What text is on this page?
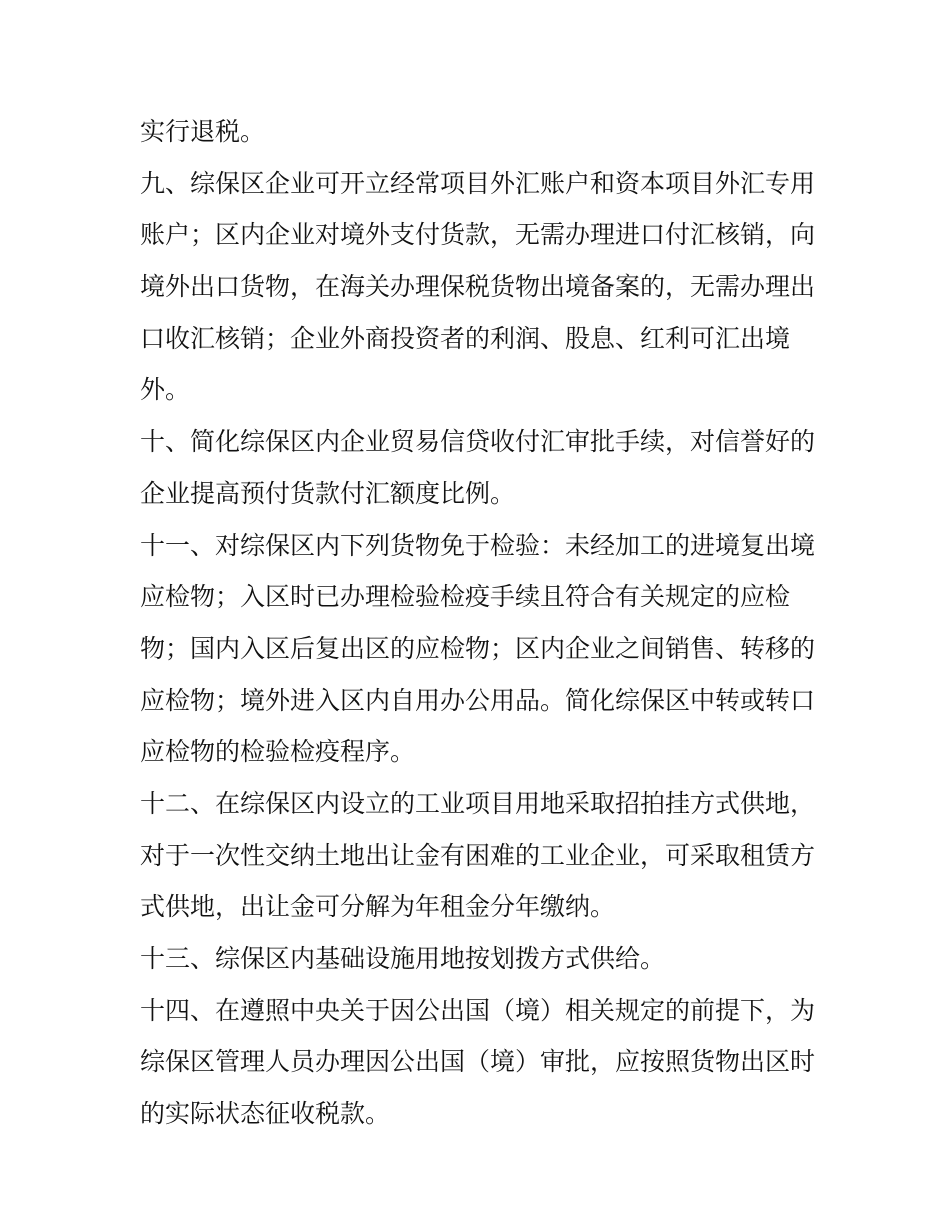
实行退税。
九、综保区企业可开立经常项目外汇账户和资本项目外汇专用
账户；区内企业对境外支付货款，无需办理进口付汇核销，向
境外出口货物，在海关办理保税货物出境备案的，无需办理出
口收汇核销；企业外商投资者的利润、股息、红利可汇出境
外。
十、简化综保区内企业贸易信贷收付汇审批手续，对信誉好的
企业提高预付货款付汇额度比例。
十一、对综保区内下列货物免于检验：未经加工的进境复出境
应检物；入区时已办理检验检疫手续且符合有关规定的应检
物；国内入区后复出区的应检物；区内企业之间销售、转移的
应检物；境外进入区内自用办公用品。简化综保区中转或转口
应检物的检验检疫程序。
十二、在综保区内设立的工业项目用地采取招拍挂方式供地，
对于一次性交纳土地出让金有困难的工业企业，可采取租赁方
式供地，出让金可分解为年租金分年缴纳。
十三、综保区内基础设施用地按划拨方式供给。
十四、在遵照中央关于因公出国（境）相关规定的前提下，为
综保区管理人员办理因公出国（境）审批，应按照货物出区时
的实际状态征收税款。
